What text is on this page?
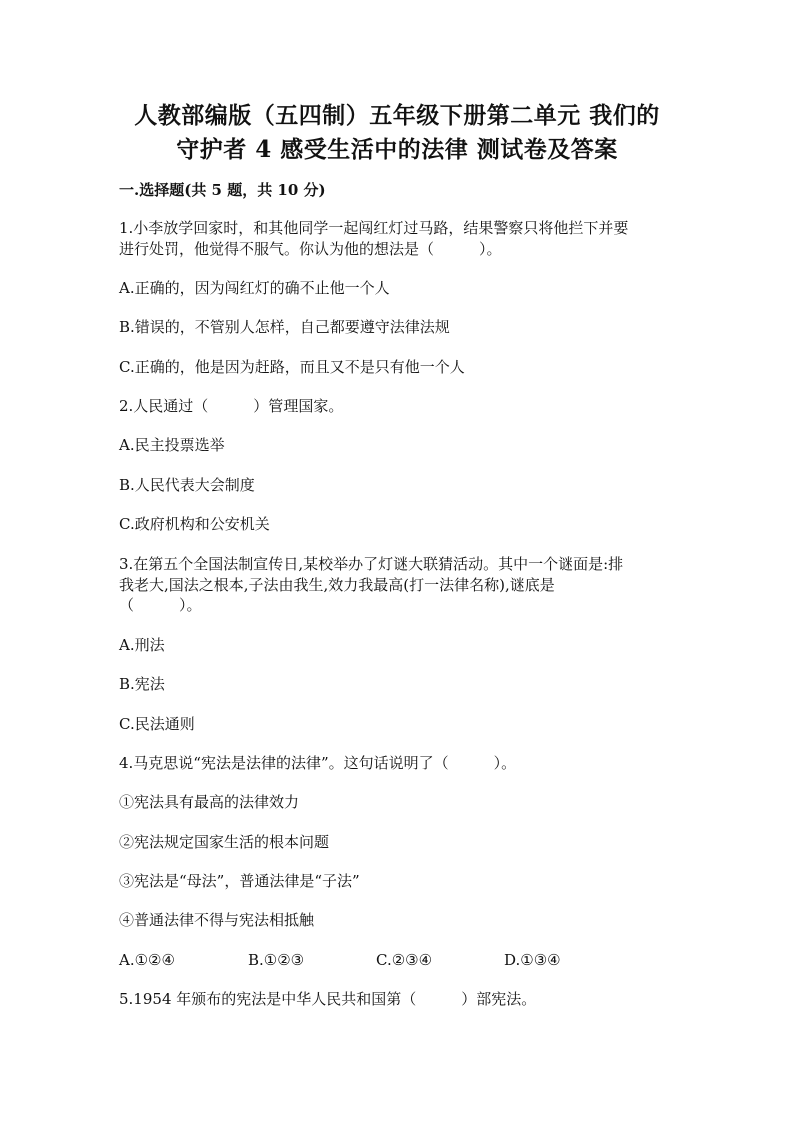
人教部编版（五四制）五年级下册第二单元 我们的
守护者 4 感受生活中的法律 测试卷及答案
一.选择题(共 5 题，共 10 分)
1.小李放学回家时，和其他同学一起闯红灯过马路，结果警察只将他拦下并要
进行处罚，他觉得不服气。你认为他的想法是（　　　）。
A.正确的，因为闯红灯的确不止他一个人
B.错误的，不管别人怎样，自己都要遵守法律法规
C.正确的，他是因为赶路，而且又不是只有他一个人
2.人民通过（　　　）管理国家。
A.民主投票选举
B.人民代表大会制度
C.政府机构和公安机关
3.在第五个全国法制宣传日,某校举办了灯谜大联猜活动。其中一个谜面是:排
我老大,国法之根本,子法由我生,效力我最高(打一法律名称),谜底是
（　　　）。
A.刑法
B.宪法
C.民法通则
4.马克思说“宪法是法律的法律”。这句话说明了（　　　）。
①宪法具有最高的法律效力
②宪法规定国家生活的根本问题
③宪法是“母法”，普通法律是“子法”
④普通法律不得与宪法相抵触
A.①②④	B.①②③	C.②③④	D.①③④
5.1954 年颁布的宪法是中华人民共和国第（　　　）部宪法。
